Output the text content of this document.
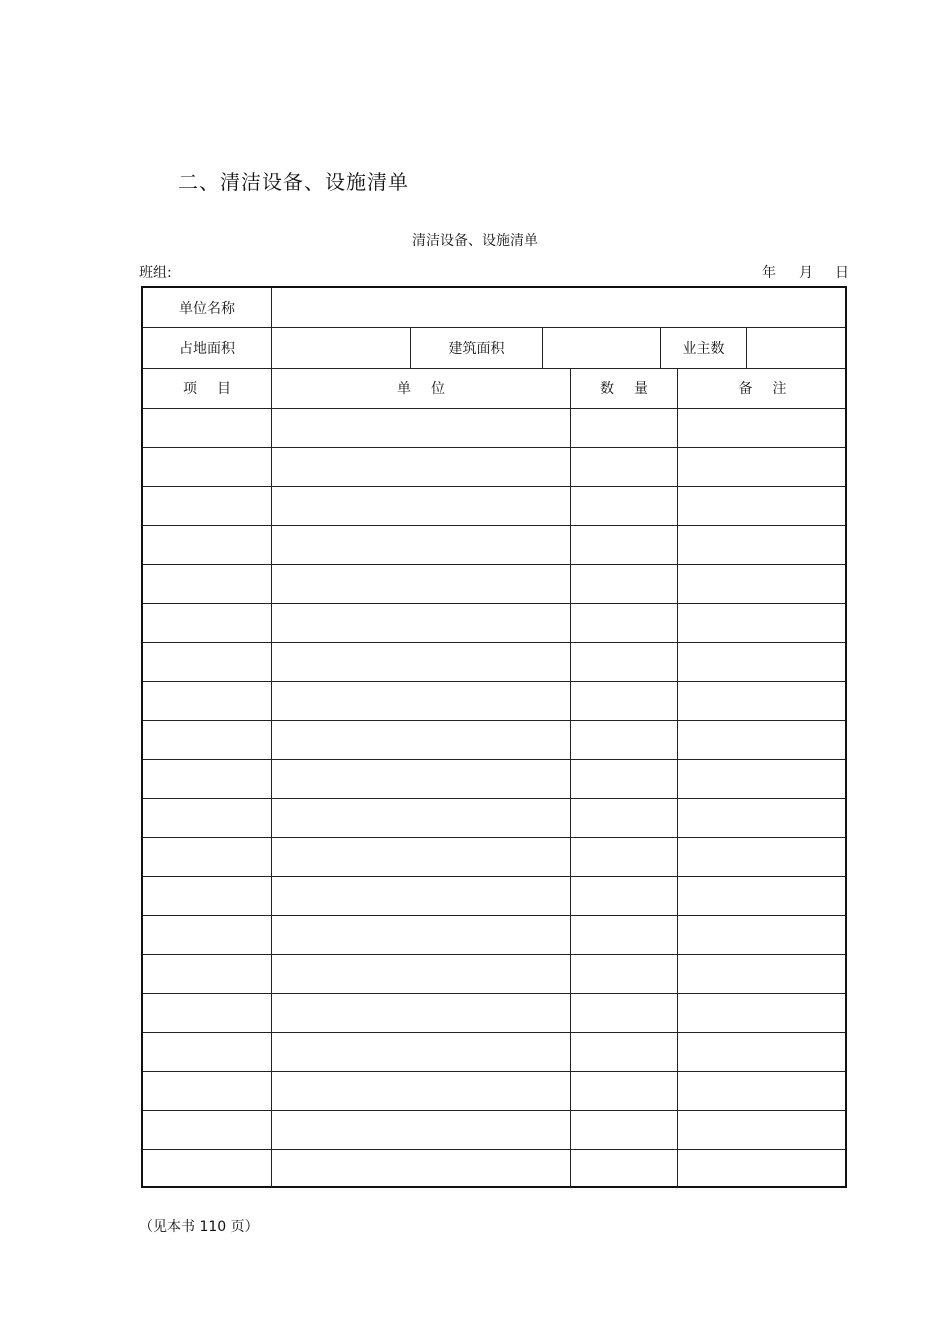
二、清洁设备、设施清单
清洁设备、设施清单
班组:	年 月 日
单位名称
占地面积	建筑面积	业主数
项目	单位	数量	备注
（见本书 110 页）
